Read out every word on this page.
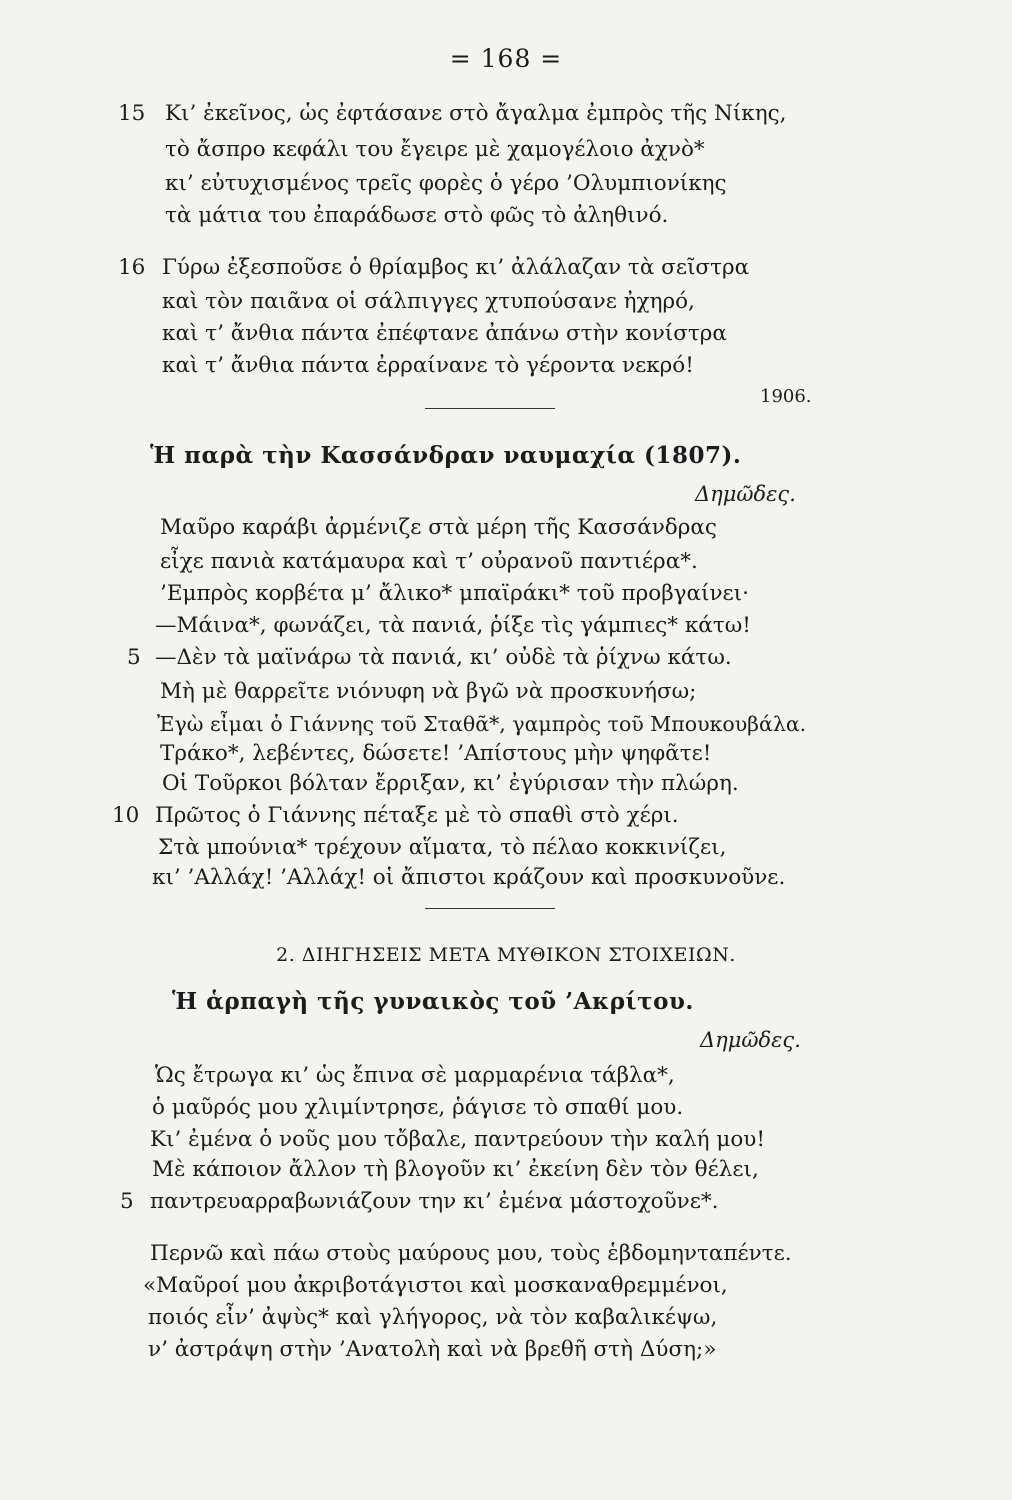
= 168 =
15 Κι’ ἐκεῖνος, ὡς ἐφτάσανε στὸ ἄγαλμα ἐμπρὸς τῆς Νίκης,
τὸ ἄσπρο κεφάλι του ἔγειρε μὲ χαμογέλοιο ἀχνὸ*
κι’ εὐτυχισμένος τρεῖς φορὲς ὁ γέρο ’Ολυμπιονίκης
τὰ μάτια του ἐπαράδωσε στὸ φῶς τὸ ἀληθινό.
16 Γύρω ἐξεσποῦσε ὁ θρίαμβος κι’ ἀλάλαζαν τὰ σεῖστρα
καὶ τὸν παιᾶνα οἱ σάλπιγγες χτυπούσανε ἠχηρό,
καὶ τ’ ἄνθια πάντα ἐπέφτανε ἀπάνω στὴν κονίστρα
καὶ τ’ ἄνθια πάντα ἐρραίνανε τὸ γέροντα νεκρό!
1906.
Ἡ παρὰ τὴν Κασσάνδραν ναυμαχία (1807).
Δημῶδες.
Μαῦρο καράβι ἀρμένιζε στὰ μέρη τῆς Κασσάνδρας
εἶχε πανιὰ κατάμαυρα καὶ τ’ οὐρανοῦ παντιέρα*.
’Εμπρὸς κορβέτα μ’ ἄλικο* μπαϊράκι* τοῦ προβγαίνει·
—Μάινα*, φωνάζει, τὰ πανιά, ῥίξε τὶς γάμπιες* κάτω!
5 —Δὲν τὰ μαϊνάρω τὰ πανιά, κι’ οὐδὲ τὰ ῥίχνω κάτω.
Μὴ μὲ θαρρεῖτε νιόνυφη νὰ βγῶ νὰ προσκυνήσω;
Ἐγὼ εἶμαι ὁ Γιάννης τοῦ Σταθᾶ*, γαμπρὸς τοῦ Μπουκουβάλα.
Τράκο*, λεβέντες, δώσετε! ’Απίστους μὴν ψηφᾶτε!
Οἱ Τοῦρκοι βόλταν ἔρριξαν, κι’ ἐγύρισαν τὴν πλώρη.
10 Πρῶτος ὁ Γιάννης πέταξε μὲ τὸ σπαθὶ στὸ χέρι.
Στὰ μπούνια* τρέχουν αἵματα, τὸ πέλαο κοκκινίζει,
κι’ ’Αλλάχ! ’Αλλάχ! οἱ ἄπιστοι κράζουν καὶ προσκυνοῦνε.
2. ΔΙΗΓΗΣΕΙΣ ΜΕΤΑ ΜΥΘΙΚΟΝ ΣΤΟΙΧΕΙΩΝ.
Ἡ ἁρπαγὴ τῆς γυναικὸς τοῦ ’Ακρίτου.
Δημῶδες.
Ὡς ἔτρωγα κι’ ὡς ἔπινα σὲ μαρμαρένια τάβλα*,
ὁ μαῦρός μου χλιμίντρησε, ῥάγισε τὸ σπαθί μου.
Κι’ ἐμένα ὁ νοῦς μου τὄβαλε, παντρεύουν τὴν καλή μου!
Μὲ κάποιον ἄλλον τὴ βλογοῦν κι’ ἐκείνη δὲν τὸν θέλει,
5 παντρευαρραβωνιάζουν την κι’ ἐμένα μάστοχοῦνε*.
Περνῶ καὶ πάω στοὺς μαύρους μου, τοὺς ἑβδομηνταπέντε.
«Μαῦροί μου ἀκριβοτάγιστοι καὶ μοσκαναθρεμμένοι,
ποιός εἶν’ ἀψὺς* καὶ γλήγορος, νὰ τὸν καβαλικέψω,
ν’ ἀστράψη στὴν ’Ανατολὴ καὶ νὰ βρεθῆ στὴ Δύση;»
